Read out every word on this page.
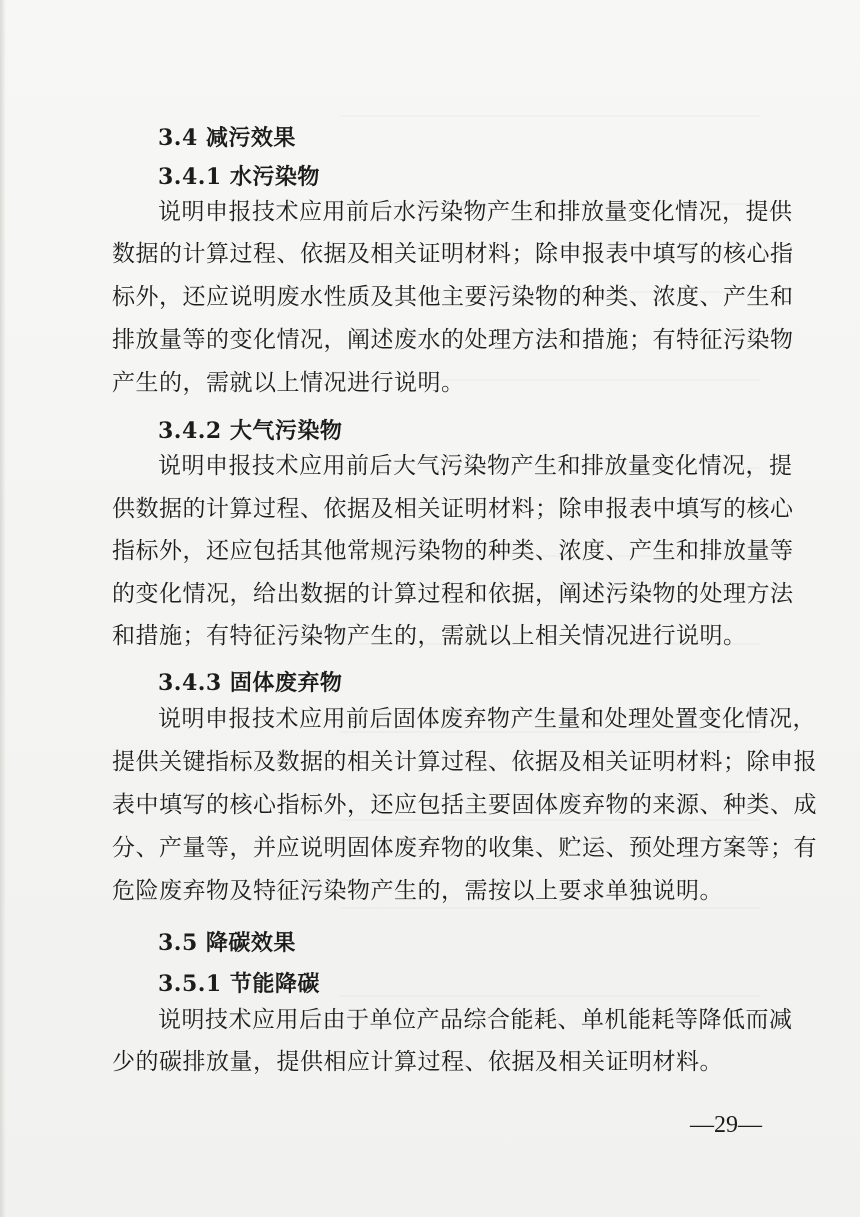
3.4 减污效果
3.4.1 水污染物
说明申报技术应用前后水污染物产生和排放量变化情况，提供
数据的计算过程、依据及相关证明材料；除申报表中填写的核心指
标外，还应说明废水性质及其他主要污染物的种类、浓度、产生和
排放量等的变化情况，阐述废水的处理方法和措施；有特征污染物
产生的，需就以上情况进行说明。
3.4.2 大气污染物
说明申报技术应用前后大气污染物产生和排放量变化情况，提
供数据的计算过程、依据及相关证明材料；除申报表中填写的核心
指标外，还应包括其他常规污染物的种类、浓度、产生和排放量等
的变化情况，给出数据的计算过程和依据，阐述污染物的处理方法
和措施；有特征污染物产生的，需就以上相关情况进行说明。
3.4.3 固体废弃物
说明申报技术应用前后固体废弃物产生量和处理处置变化情况，
提供关键指标及数据的相关计算过程、依据及相关证明材料；除申报
表中填写的核心指标外，还应包括主要固体废弃物的来源、种类、成
分、产量等，并应说明固体废弃物的收集、贮运、预处理方案等；有
危险废弃物及特征污染物产生的，需按以上要求单独说明。
3.5 降碳效果
3.5.1 节能降碳
说明技术应用后由于单位产品综合能耗、单机能耗等降低而减
少的碳排放量，提供相应计算过程、依据及相关证明材料。
—29—
